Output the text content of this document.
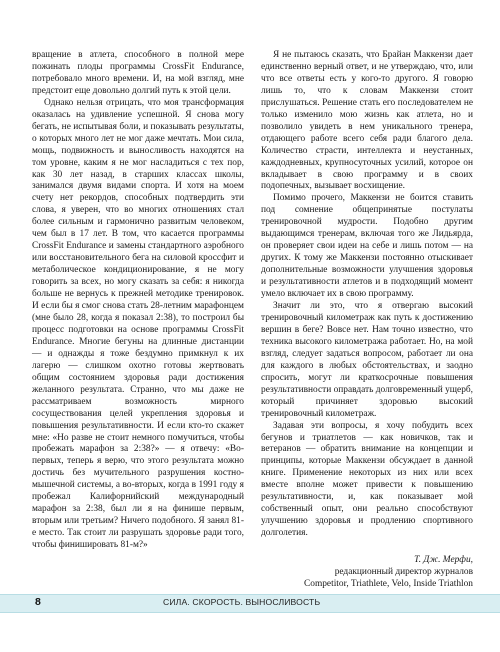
вращение в атлета, способного в полной мере пожинать плоды программы CrossFit Endurance, потребовало много времени. И, на мой взгляд, мне предстоит еще довольно долгий путь к этой цели.

Однако нельзя отрицать, что моя трансформация оказалась на удивление успешной. Я снова могу бегать, не испытывая боли, и показывать результаты, о которых много лет не мог даже мечтать. Мои сила, мощь, подвижность и выносливость находятся на том уровне, каким я не мог насладиться с тех пор, как 30 лет назад, в старших классах школы, занимался двумя видами спорта. И хотя на моем счету нет рекордов, способных подтвердить эти слова, я уверен, что во многих отношениях стал более сильным и гармонично развитым человеком, чем был в 17 лет. В том, что касается программы CrossFit Endurance и замены стандартного аэробного или восстановительного бега на силовой кроссфит и метаболическое кондиционирование, я не могу говорить за всех, но могу сказать за себя: я никогда больше не вернусь к прежней методике тренировок. И если бы я смог снова стать 28-летним марафонцем (мне было 28, когда я показал 2:38), то построил бы процесс подготовки на основе программы CrossFit Endurance. Многие бегуны на длинные дистанции — и однажды я тоже бездумно примкнул к их лагерю — слишком охотно готовы жертвовать общим состоянием здоровья ради достижения желанного результата. Странно, что мы даже не рассматриваем возможность мирного сосуществования целей укрепления здоровья и повышения результативности. И если кто-то скажет мне: «Но разве не стоит немного помучиться, чтобы пробежать марафон за 2:38?» — я отвечу: «Во-первых, теперь я верю, что этого результата можно достичь без мучительного разрушения костно-мышечной системы, а во-вторых, когда в 1991 году я пробежал Калифорнийский международный марафон за 2:38, был ли я на финише первым, вторым или третьим? Ничего подобного. Я занял 81-е место. Так стоит ли разрушать здоровье ради того, чтобы финишировать 81-м?»

Я не пытаюсь сказать, что Брайан Маккензи дает единственно верный ответ, и не утверждаю, что, или что все ответы есть у кого-то другого. Я говорю лишь то, что к словам Маккензи стоит прислушаться. Решение стать его последователем не только изменило мою жизнь как атлета, но и позволило увидеть в нем уникального тренера, отдающего работе всего себя ради благого дела. Количество страсти, интеллекта и неустанных, каждодневных, крупносуточных усилий, которое он вкладывает в свою программу и в своих подопечных, вызывает восхищение.

Помимо прочего, Маккензи не боится ставить под сомнение общепринятые постулаты тренировочной мудрости. Подобно другим выдающимся тренерам, включая того же Лидьярда, он проверяет свои идеи на себе и лишь потом — на других. К тому же Маккензи постоянно отыскивает дополнительные возможности улучшения здоровья и результативности атлетов и в подходящий момент умело включает их в свою программу.

Значит ли это, что я отвергаю высокий тренировочный километраж как путь к достижению вершин в беге? Вовсе нет. Нам точно известно, что техника высокого километража работает. Но, на мой взгляд, следует задаться вопросом, работает ли она для каждого в любых обстоятельствах, и заодно спросить, могут ли краткосрочные повышения результативности оправдать долговременный ущерб, который причиняет здоровью высокий тренировочный километраж.

Задавая эти вопросы, я хочу побудить всех бегунов и триатлетов — как новичков, так и ветеранов — обратить внимание на концепции и принципы, которые Маккензи обсуждает в данной книге. Применение некоторых из них или всех вместе вполне может привести к повышению результативности, и, как показывает мой собственный опыт, они реально способствуют улучшению здоровья и продлению спортивного долголетия.

Т. Дж. Мерфи,
редакционный директор журналов
Competitor, Triathlete, Velo, Inside Triathlon
8	СИЛА. СКОРОСТЬ. ВЫНОСЛИВОСТЬ
